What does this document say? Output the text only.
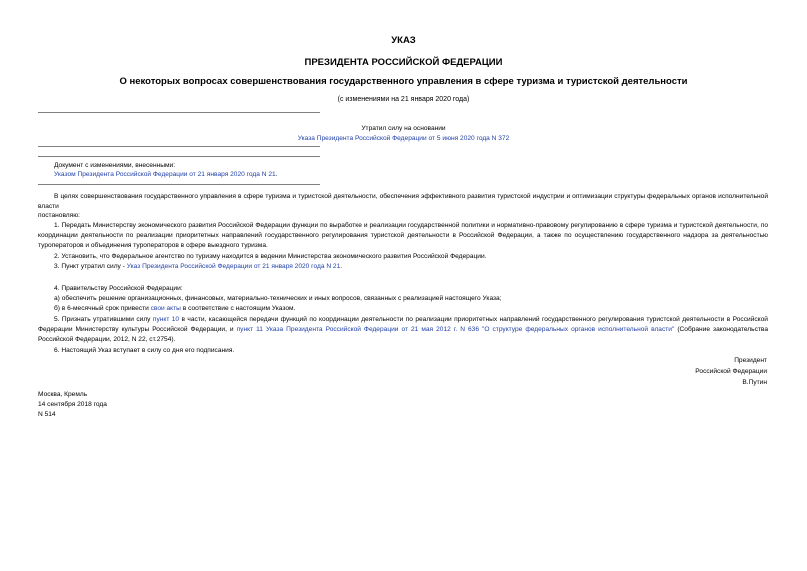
УКАЗ
ПРЕЗИДЕНТА РОССИЙСКОЙ ФЕДЕРАЦИИ
О некоторых вопросах совершенствования государственного управления в сфере туризма и туристской деятельности
(с изменениями на 21 января 2020 года)
Утратил силу на основании
Указа Президента Российской Федерации от 5 июня 2020 года N 372
Документ с изменениями, внесенными:
Указом Президента Российской Федерации от 21 января 2020 года N 21.
В целях совершенствования государственного управления в сфере туризма и туристской деятельности, обеспечения эффективного развития туристской индустрии и оптимизации структуры федеральных органов исполнительной власти
постановляю:
1. Передать Министерству экономического развития Российской Федерации функции по выработке и реализации государственной политики и нормативно-правовому регулированию в сфере туризма и туристской деятельности, по координации деятельности по реализации приоритетных направлений государственного регулирования туристской деятельности в Российской Федерации, а также по осуществлению государственного надзора за деятельностью туроператоров и объединения туроператоров в сфере выездного туризма.
2. Установить, что Федеральное агентство по туризму находится в ведении Министерства экономического развития Российской Федерации.
3. Пункт утратил силу - Указ Президента Российской Федерации от 21 января 2020 года N 21.
4. Правительству Российской Федерации:
а) обеспечить решение организационных, финансовых, материально-технических и иных вопросов, связанных с реализацией настоящего Указа;
б) в 6-месячный срок привести свои акты в соответствие с настоящим Указом.
5. Признать утратившими силу пункт 10 в части, касающейся передачи функций по координации деятельности по реализации приоритетных направлений государственного регулирования туристской деятельности в Российской Федерации Министерству культуры Российской Федерации, и пункт 11 Указа Президента Российской Федерации от 21 мая 2012 г. N 636 "О структуре федеральных органов исполнительной власти" (Собрание законодательства Российской Федерации, 2012, N 22, ст.2754).
6. Настоящий Указ вступает в силу со дня его подписания.
Президент
Российской Федерации
В.Путин
Москва, Кремль
14 сентября 2018 года
N 514
